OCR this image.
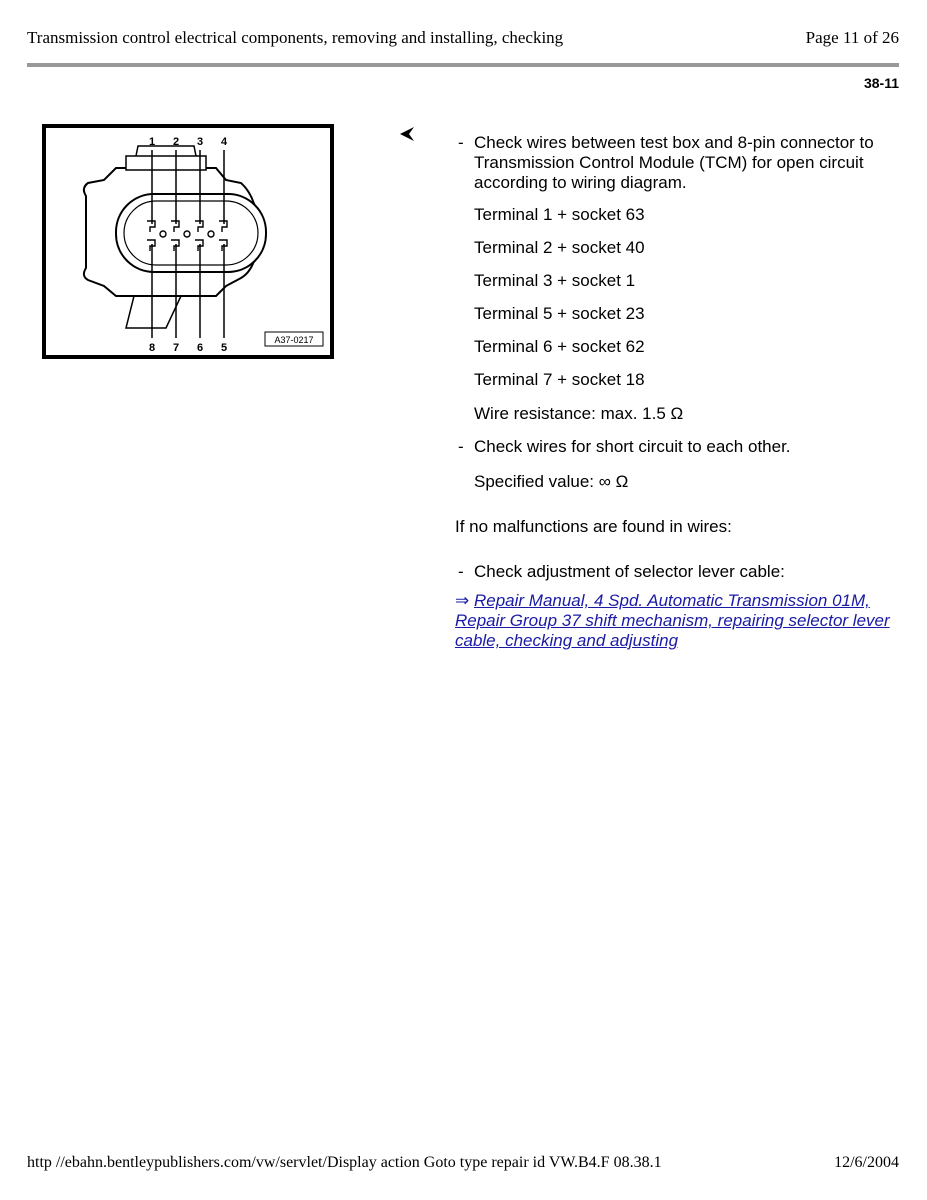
Transmission control electrical components, removing and installing, checking	Page 11 of 26
38-11
1 2 3 4
8 7 6 5
A37-0217
- Check wires between test box and 8-pin connector to Transmission Control Module (TCM) for open circuit according to wiring diagram.
Terminal 1 + socket 63
Terminal 2 + socket 40
Terminal 3 + socket 1
Terminal 5 + socket 23
Terminal 6 + socket 62
Terminal 7 + socket 18
Wire resistance: max. 1.5 Ω
- Check wires for short circuit to each other.
Specified value: ∞ Ω
If no malfunctions are found in wires:
- Check adjustment of selector lever cable:
⇒ Repair Manual, 4 Spd. Automatic Transmission 01M, Repair Group 37 shift mechanism, repairing selector lever cable, checking and adjusting
http //ebahn.bentleypublishers.com/vw/servlet/Display action Goto type repair id VW.B4.F 08.38.1	12/6/2004
